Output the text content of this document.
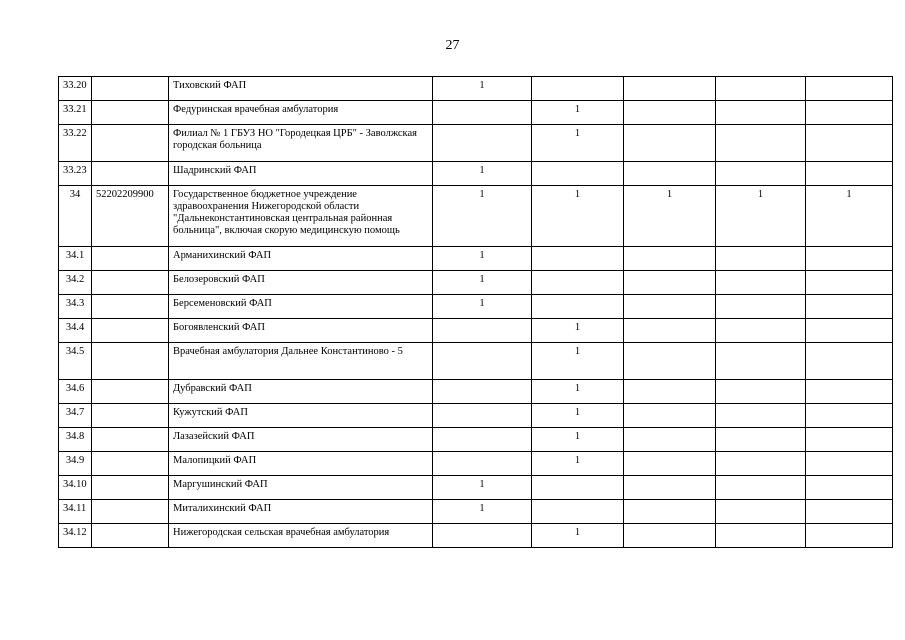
27
33.20		Тиховский ФАП	1				
33.21		Федуринская врачебная амбулатория		1			
33.22		Филиал № 1 ГБУЗ НО "Городецкая ЦРБ" - Заволжская городская больница		1			
33.23		Шадринский ФАП	1				
34	52202209900	Государственное бюджетное учреждение здравоохранения Нижегородской области "Дальнеконстантиновская центральная районная больница", включая скорую медицинскую помощь	1	1	1	1	1
34.1		Арманихинский ФАП	1				
34.2		Белозеровский ФАП	1				
34.3		Берсеменовский ФАП	1				
34.4		Богоявленский ФАП		1			
34.5		Врачебная амбулатория Дальнее Константиново - 5		1			
34.6		Дубравский ФАП		1			
34.7		Кужутский ФАП		1			
34.8		Лазазейский ФАП		1			
34.9		Малопицкий ФАП		1			
34.10		Маргушинский ФАП	1				
34.11		Миталихинский ФАП	1				
34.12		Нижегородская сельская врачебная амбулатория		1			
